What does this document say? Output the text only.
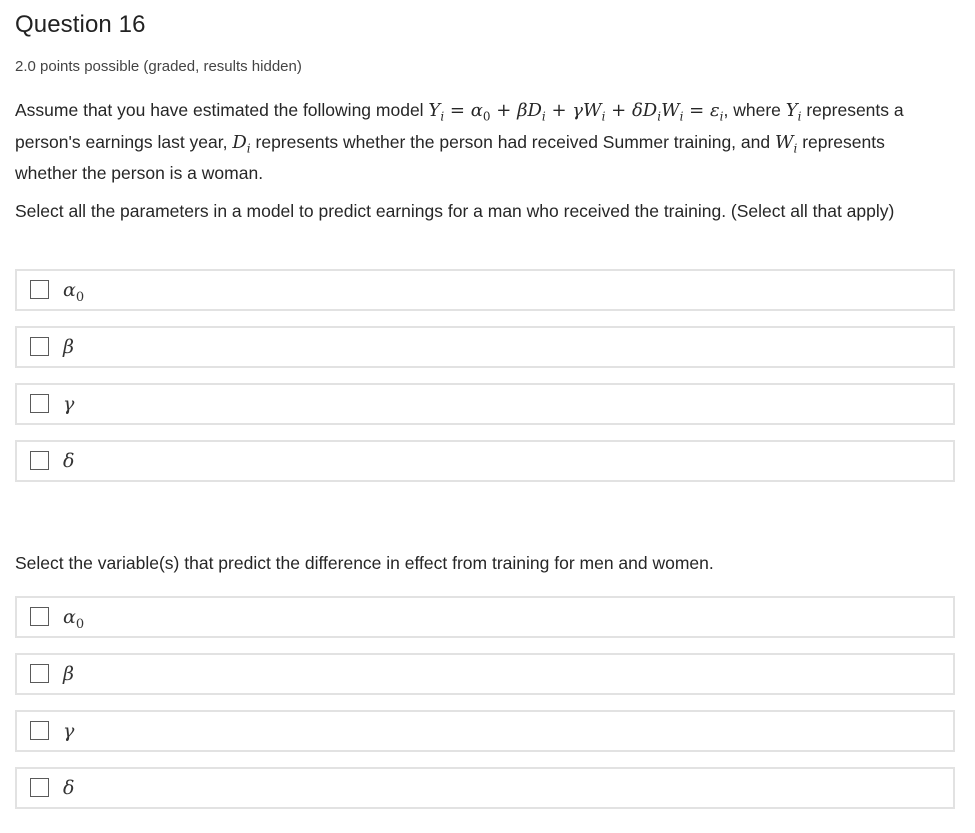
Question 16
2.0 points possible (graded, results hidden)
Assume that you have estimated the following model $Y_i = \alpha_0 + \beta D_i + \gamma W_i + \delta D_iW_i = \varepsilon_i$, where $Y_i$ represents a person's earnings last year, $D_i$ represents whether the person had received Summer training, and $W_i$ represents whether the person is a woman.
Select all the parameters in a model to predict earnings for a man who received the training. (Select all that apply)
$\alpha_0$
β
γ
δ
Select the variable(s) that predict the difference in effect from training for men and women.
$\alpha_0$
β
γ
δ
